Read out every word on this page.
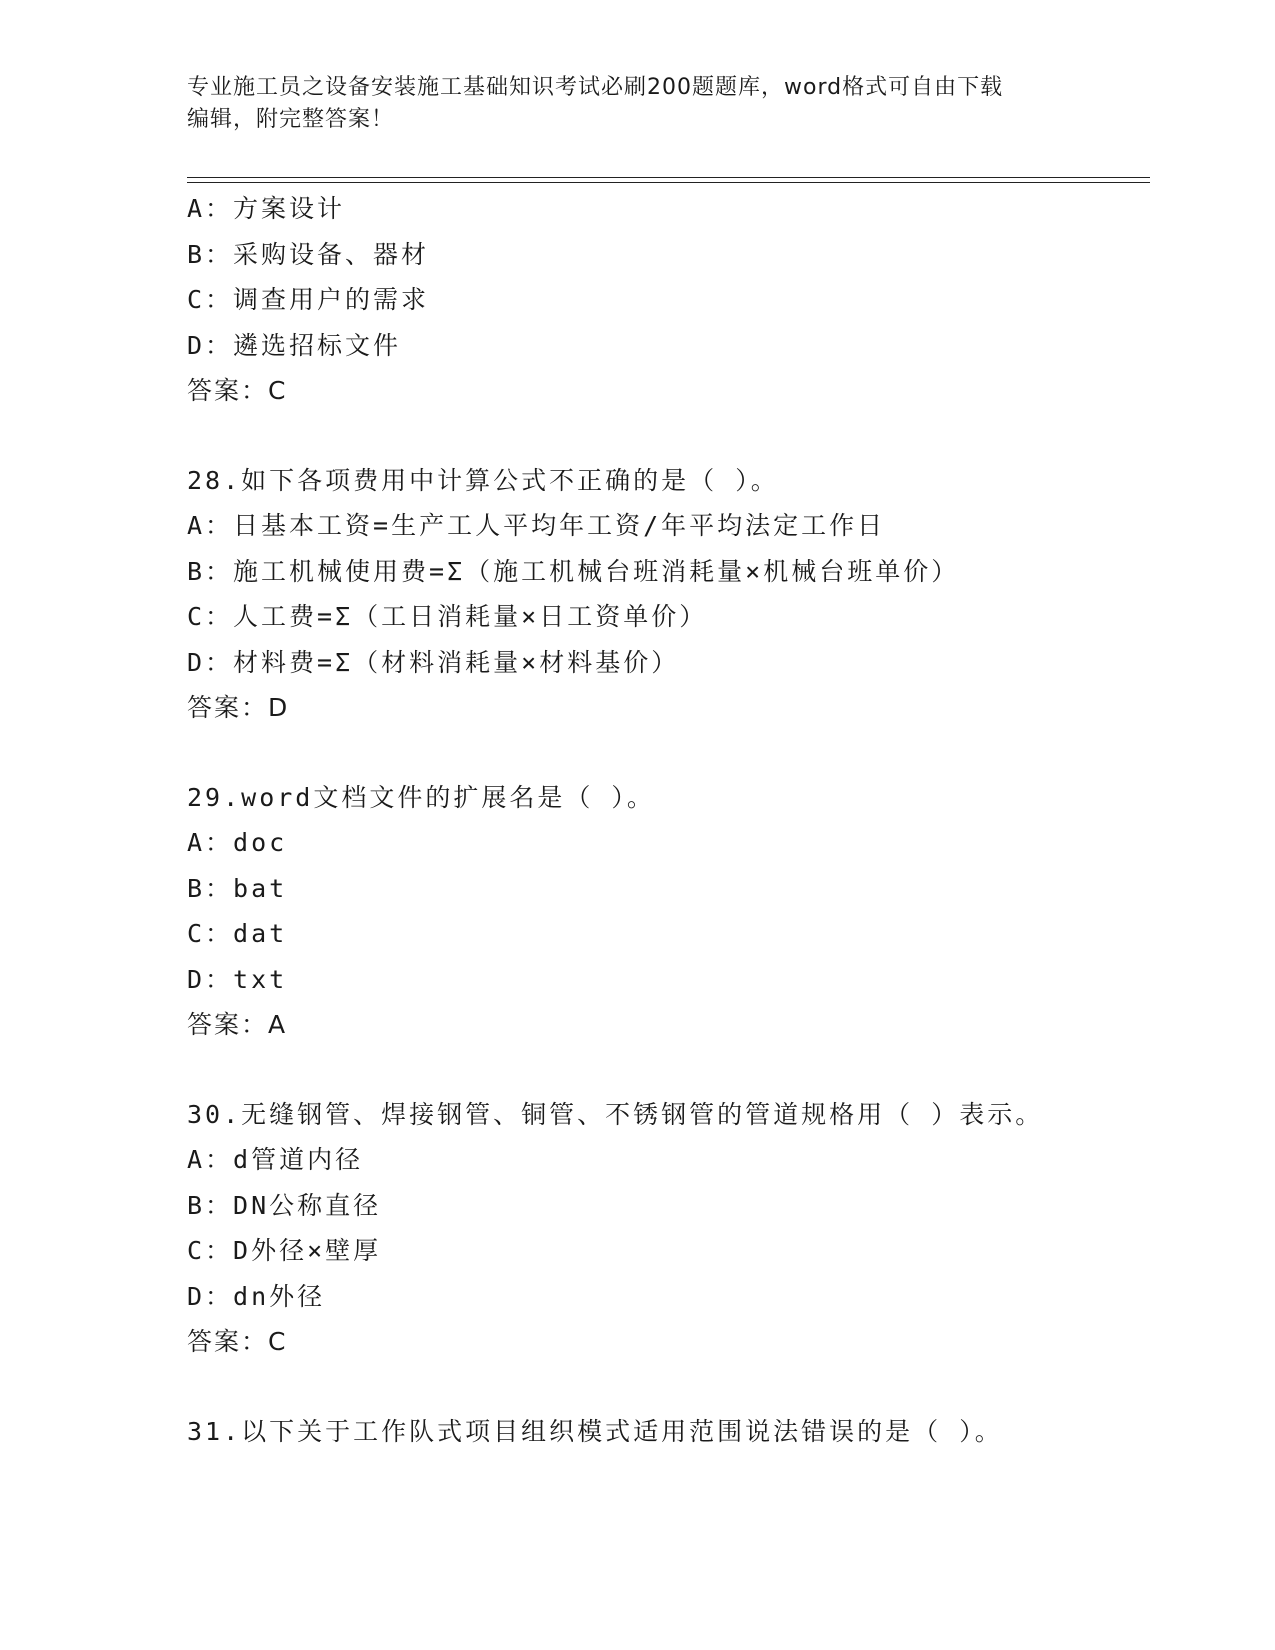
专业施工员之设备安装施工基础知识考试必刷200题题库，word格式可自由下载
编辑，附完整答案！
A：方案设计
B：采购设备、器材
C：调查用户的需求
D：遴选招标文件
答案：C
28.如下各项费用中计算公式不正确的是（ ）。
A：日基本工资=生产工人平均年工资/年平均法定工作日
B：施工机械使用费=Σ（施工机械台班消耗量×机械台班单价）
C：人工费=Σ（工日消耗量×日工资单价）
D：材料费=Σ（材料消耗量×材料基价）
答案：D
29.word文档文件的扩展名是（ ）。
A：doc
B：bat
C：dat
D：txt
答案：A
30.无缝钢管、焊接钢管、铜管、不锈钢管的管道规格用（ ）表示。
A：d管道内径
B：DN公称直径
C：D外径×壁厚
D：dn外径
答案：C
31.以下关于工作队式项目组织模式适用范围说法错误的是（ ）。
